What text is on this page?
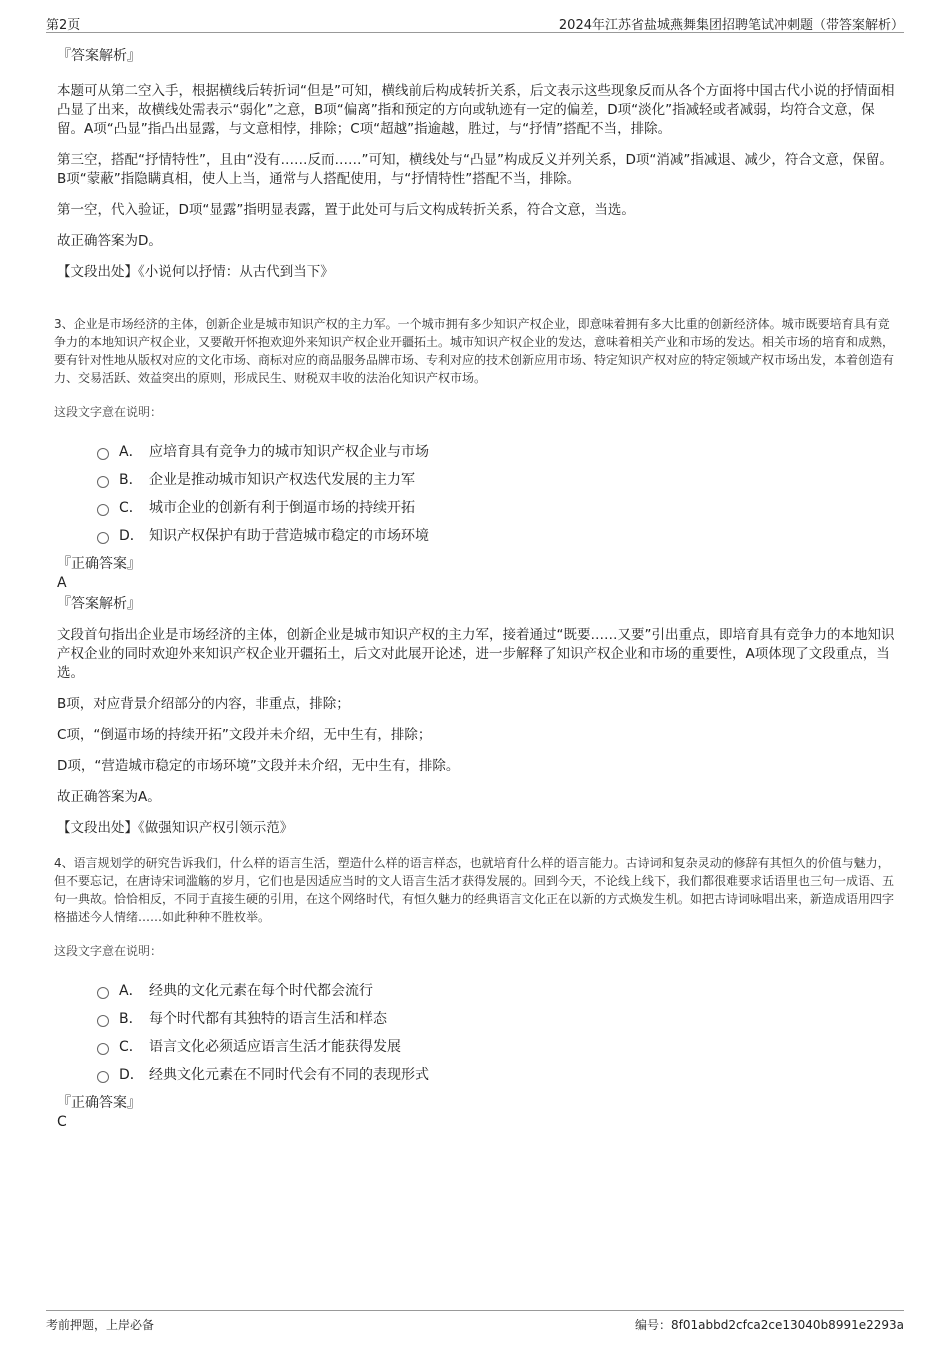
第2页	2024年江苏省盐城燕舞集团招聘笔试冲刺题（带答案解析）
『答案解析』

本题可从第二空入手，根据横线后转折词“但是”可知，横线前后构成转折关系，后文表示这些现象反而从各个方面将中国古代小说的抒情面相凸显了出来，故横线处需表示“弱化”之意，B项“偏离”指和预定的方向或轨迹有一定的偏差，D项“淡化”指减轻或者减弱，均符合文意，保留。A项“凸显”指凸出显露，与文意相悖，排除；C项“超越”指逾越，胜过，与“抒情”搭配不当，排除。

第三空，搭配“抒情特性”，且由“没有……反而……”可知，横线处与“凸显”构成反义并列关系，D项“消减”指减退、减少，符合文意，保留。B项“蒙蔽”指隐瞒真相，使人上当，通常与人搭配使用，与“抒情特性”搭配不当，排除。

第一空，代入验证，D项“显露”指明显表露，置于此处可与后文构成转折关系，符合文意，当选。

故正确答案为D。

【文段出处】《小说何以抒情：从古代到当下》

3、企业是市场经济的主体，创新企业是城市知识产权的主力军。一个城市拥有多少知识产权企业，即意味着拥有多大比重的创新经济体。城市既要培育具有竞争力的本地知识产权企业，又要敞开怀抱欢迎外来知识产权企业开疆拓土。城市知识产权企业的发达，意味着相关产业和市场的发达。相关市场的培育和成熟，要有针对性地从版权对应的文化市场、商标对应的商品服务品牌市场、专利对应的技术创新应用市场、特定知识产权对应的特定领域产权市场出发，本着创造有力、交易活跃、效益突出的原则，形成民生、财税双丰收的法治化知识产权市场。

这段文字意在说明：

A． 应培育具有竞争力的城市知识产权企业与市场
B． 企业是推动城市知识产权迭代发展的主力军
C． 城市企业的创新有利于倒逼市场的持续开拓
D． 知识产权保护有助于营造城市稳定的市场环境
『正确答案』
A
『答案解析』

文段首句指出企业是市场经济的主体，创新企业是城市知识产权的主力军，接着通过“既要……又要”引出重点，即培育具有竞争力的本地知识产权企业的同时欢迎外来知识产权企业开疆拓土，后文对此展开论述，进一步解释了知识产权企业和市场的重要性，A项体现了文段重点，当选。

B项，对应背景介绍部分的内容，非重点，排除；

C项，“倒逼市场的持续开拓”文段并未介绍，无中生有，排除；

D项，“营造城市稳定的市场环境”文段并未介绍，无中生有，排除。

故正确答案为A。

【文段出处】《做强知识产权引领示范》

4、语言规划学的研究告诉我们，什么样的语言生活，塑造什么样的语言样态，也就培育什么样的语言能力。古诗词和复杂灵动的修辞有其恒久的价值与魅力，但不要忘记，在唐诗宋词滥觞的岁月，它们也是因适应当时的文人语言生活才获得发展的。回到今天，不论线上线下，我们都很难要求话语里也三句一成语、五句一典故。恰恰相反，不同于直接生硬的引用，在这个网络时代，有恒久魅力的经典语言文化正在以新的方式焕发生机。如把古诗词咏唱出来，新造成语用四字格描述今人情绪……如此种种不胜枚举。

这段文字意在说明：

A． 经典的文化元素在每个时代都会流行
B． 每个时代都有其独特的语言生活和样态
C． 语言文化必须适应语言生活才能获得发展
D． 经典文化元素在不同时代会有不同的表现形式
『正确答案』
C
考前押题，上岸必备	编号：8f01abbd2cfca2ce13040b8991e2293a
